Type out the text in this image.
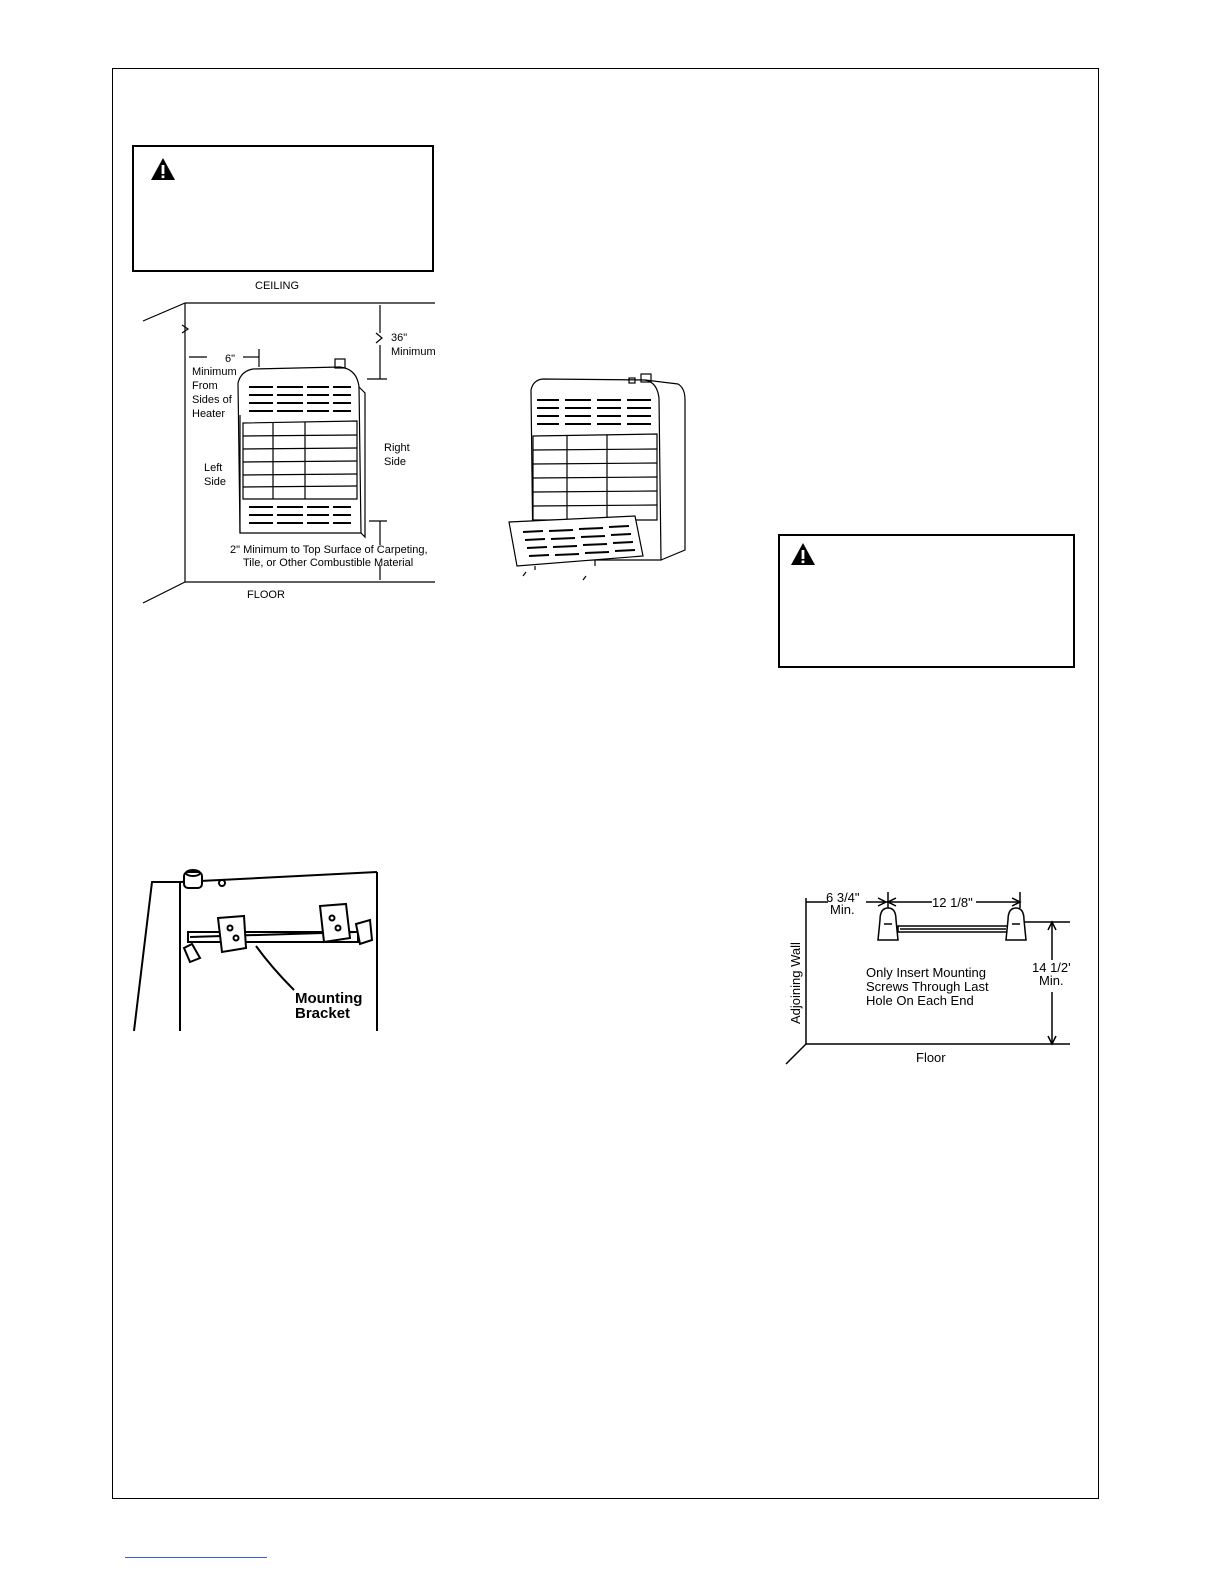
CEILING
FLOOR
36"
Minimum
6"
Minimum
From
Sides of
Heater
Left
Side
Right
Side
2" Minimum to Top Surface of Carpeting,
Tile, or Other Combustible Material
Mounting
Bracket
6 3/4"
Min.	12 1/8"
14 1/2'
Min.
Only Insert Mounting
Screws Through Last
Hole On Each End
Floor
Adjoining Wall
